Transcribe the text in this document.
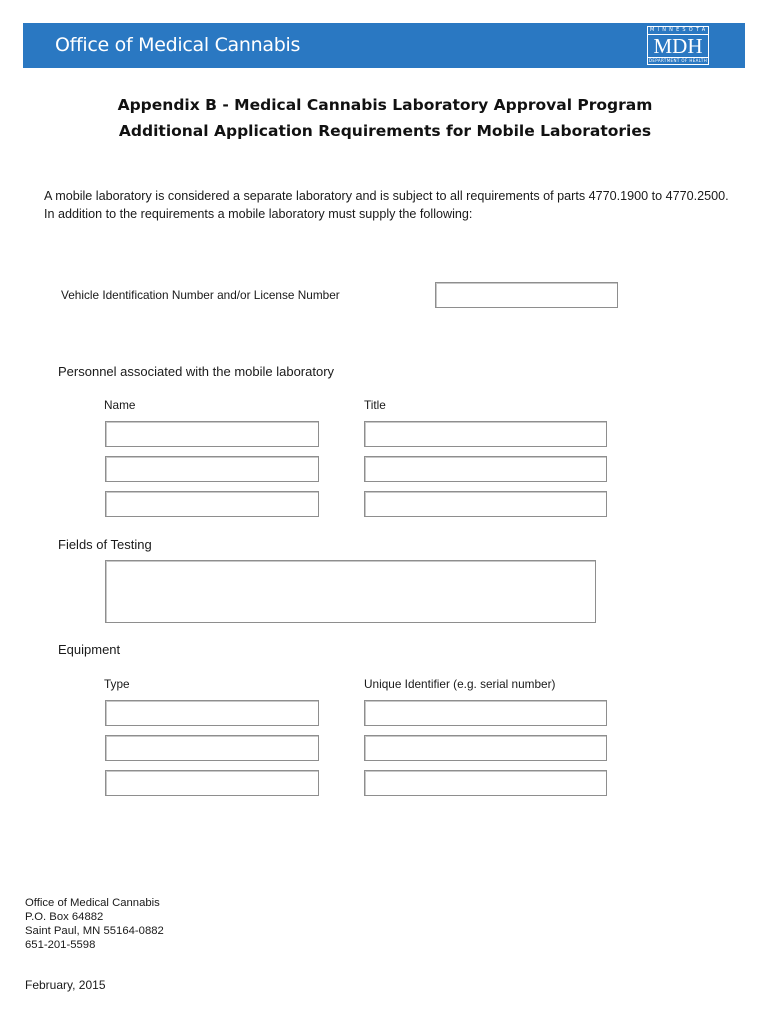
Office of Medical Cannabis
MINNESOTA
MDH
DEPARTMENT OF HEALTH
Appendix B - Medical Cannabis Laboratory Approval Program
Additional Application Requirements for Mobile Laboratories
A mobile laboratory is considered a separate laboratory and is subject to all requirements of parts 4770.1900 to 4770.2500. In addition to the requirements a mobile laboratory must supply the following:
Vehicle Identification Number and/or License Number
Personnel associated with the mobile laboratory
Name	Title
Fields of Testing
Equipment
Type	Unique Identifier (e.g. serial number)
Office of Medical Cannabis
P.O. Box 64882
Saint Paul, MN 55164-0882
651-201-5598
February, 2015
